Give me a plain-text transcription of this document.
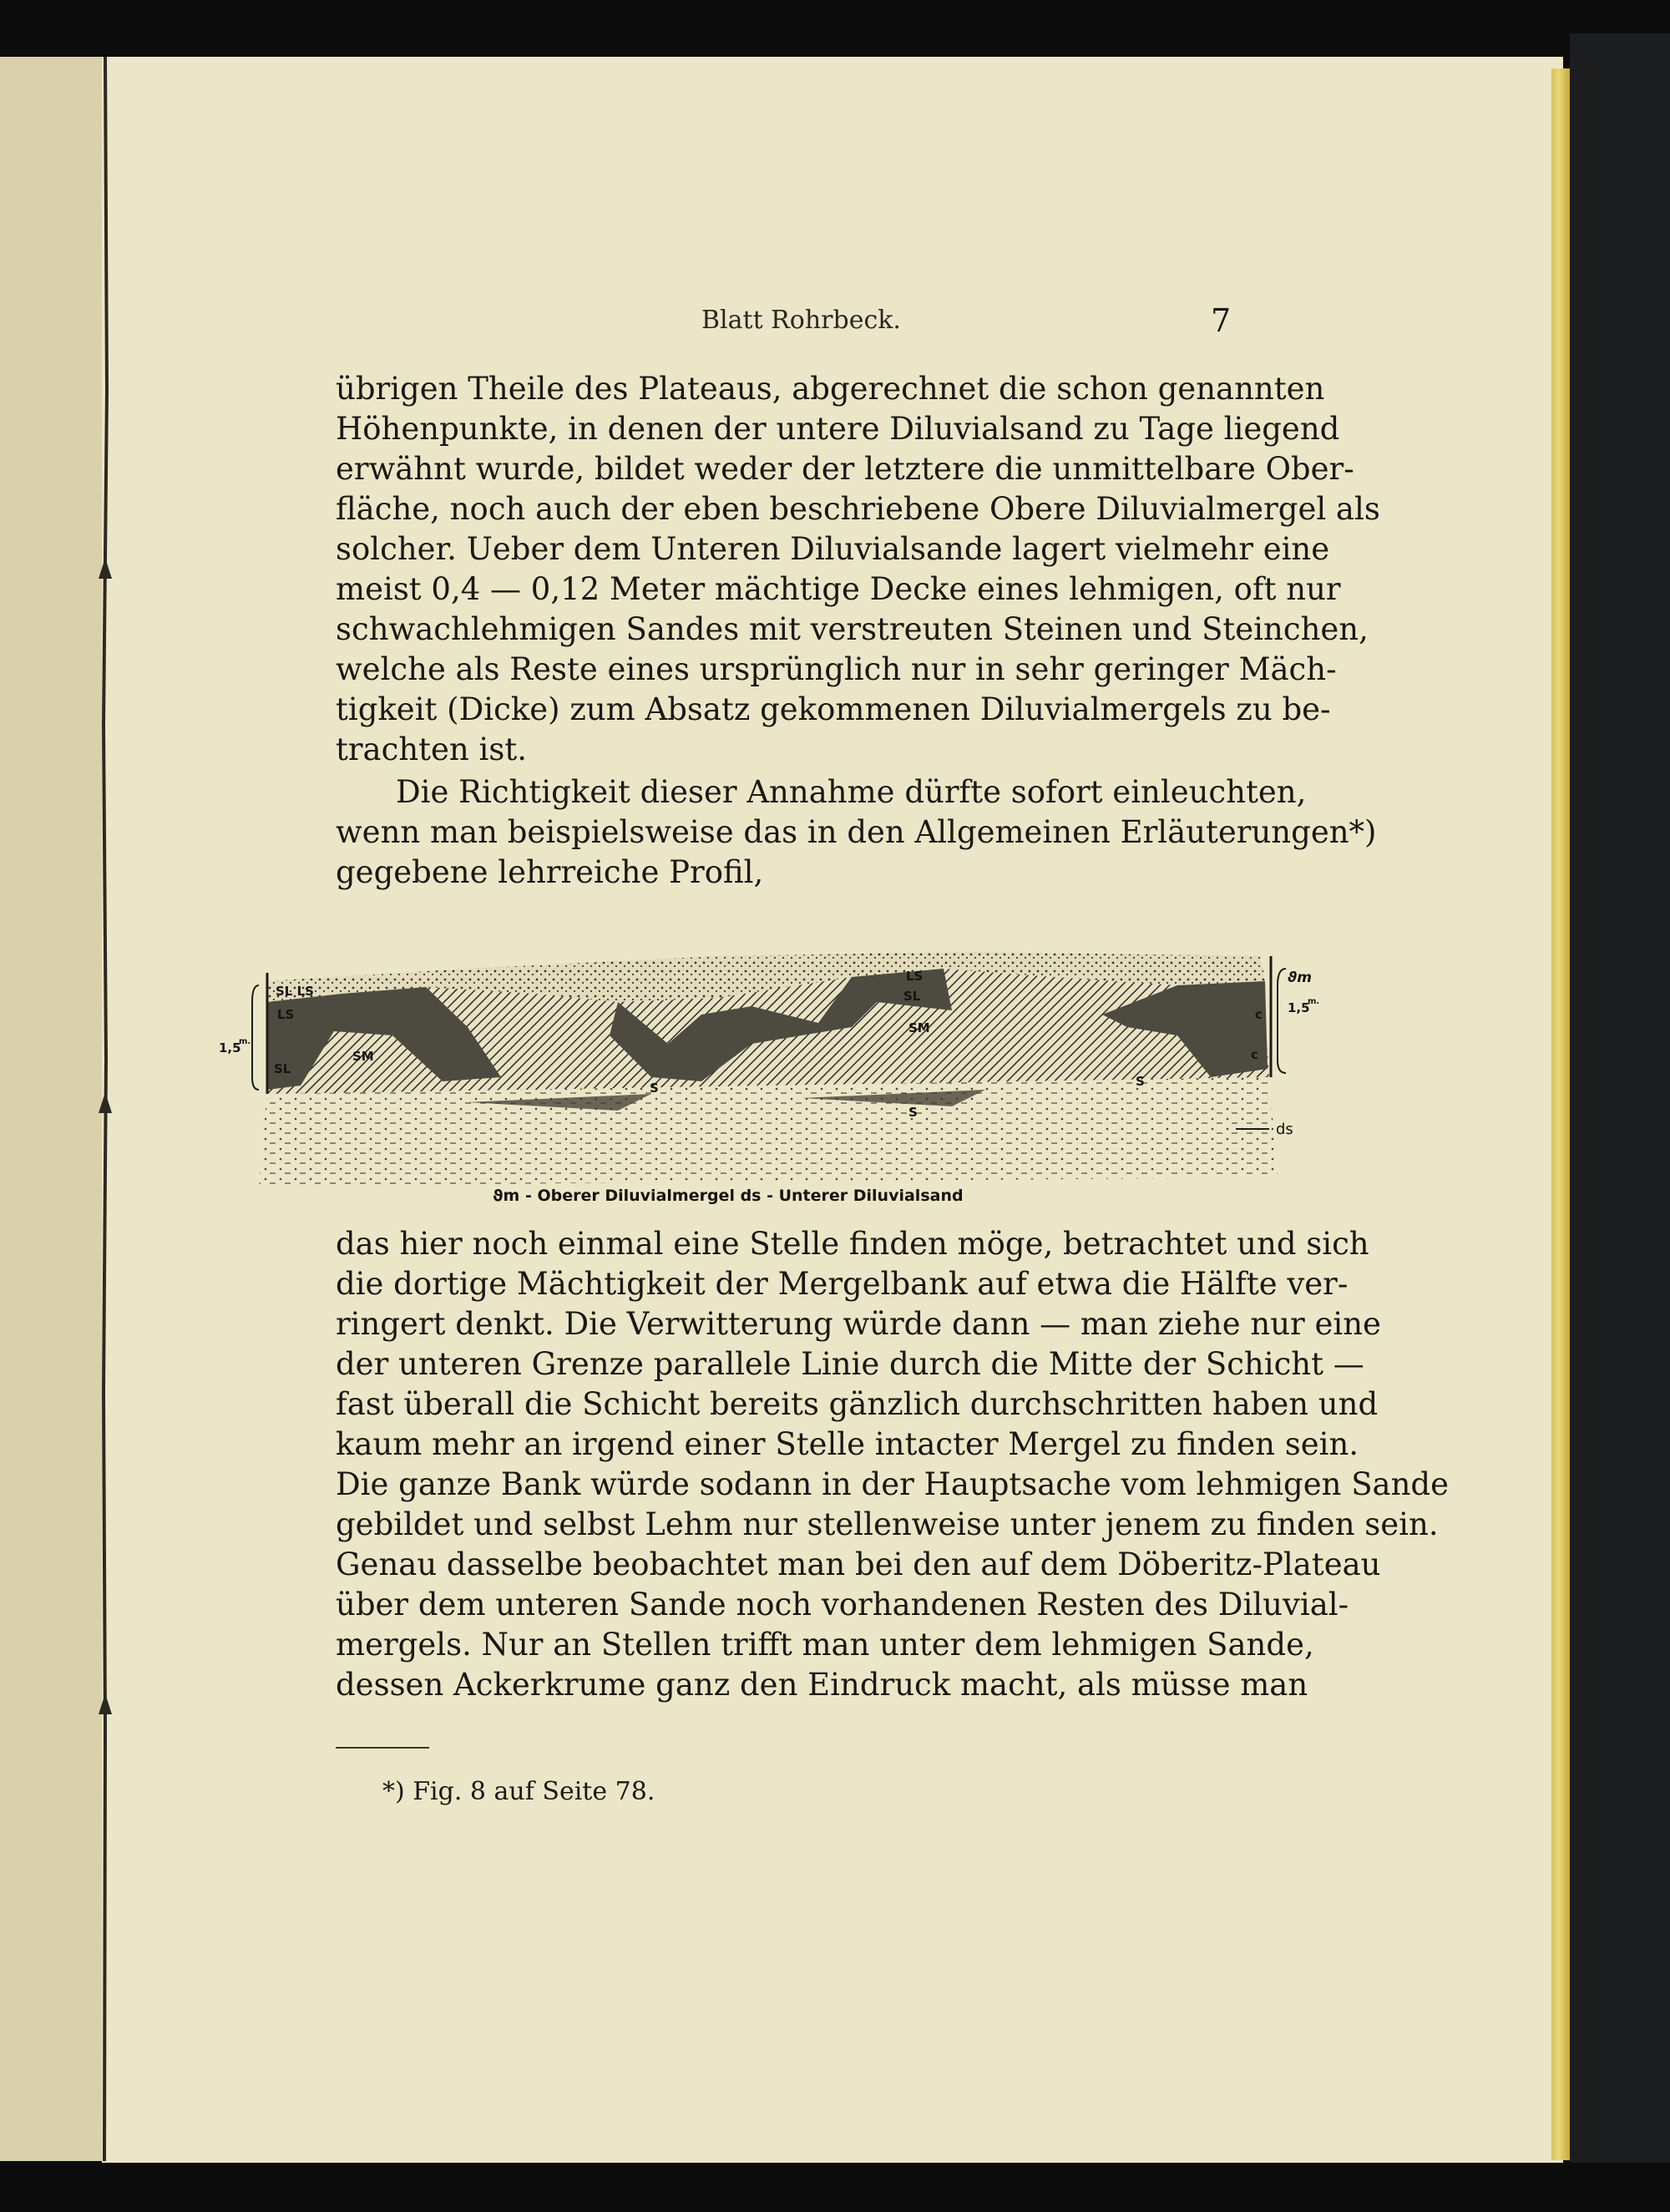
Blatt Rohrbeck.	7
übrigen Theile des Plateaus, abgerechnet die schon genannten
Höhenpunkte, in denen der untere Diluvialsand zu Tage liegend
erwähnt wurde, bildet weder der letztere die unmittelbare Ober-
fläche, noch auch der eben beschriebene Obere Diluvialmergel als
solcher. Ueber dem Unteren Diluvialsande lagert vielmehr eine
meist 0,4 — 0,12 Meter mächtige Decke eines lehmigen, oft nur
schwachlehmigen Sandes mit verstreuten Steinen und Steinchen,
welche als Reste eines ursprünglich nur in sehr geringer Mäch-
tigkeit (Dicke) zum Absatz gekommenen Diluvialmergels zu be-
trachten ist.
Die Richtigkeit dieser Annahme dürfte sofort einleuchten,
wenn man beispielsweise das in den Allgemeinen Erläuterungen*)
gegebene lehrreiche Profil,
SL LS
LS
SL
SM
LS
SL
SM
S
S
S
c
c
ϑm
1,5
m.
1,5
m.
ds
ϑm - Oberer Diluvialmergel ds - Unterer Diluvialsand
das hier noch einmal eine Stelle finden möge, betrachtet und sich
die dortige Mächtigkeit der Mergelbank auf etwa die Hälfte ver-
ringert denkt. Die Verwitterung würde dann — man ziehe nur eine
der unteren Grenze parallele Linie durch die Mitte der Schicht —
fast überall die Schicht bereits gänzlich durchschritten haben und
kaum mehr an irgend einer Stelle intacter Mergel zu finden sein.
Die ganze Bank würde sodann in der Hauptsache vom lehmigen Sande
gebildet und selbst Lehm nur stellenweise unter jenem zu finden sein.
Genau dasselbe beobachtet man bei den auf dem Döberitz-Plateau
über dem unteren Sande noch vorhandenen Resten des Diluvial-
mergels. Nur an Stellen trifft man unter dem lehmigen Sande,
dessen Ackerkrume ganz den Eindruck macht, als müsse man
*) Fig. 8 auf Seite 78.
